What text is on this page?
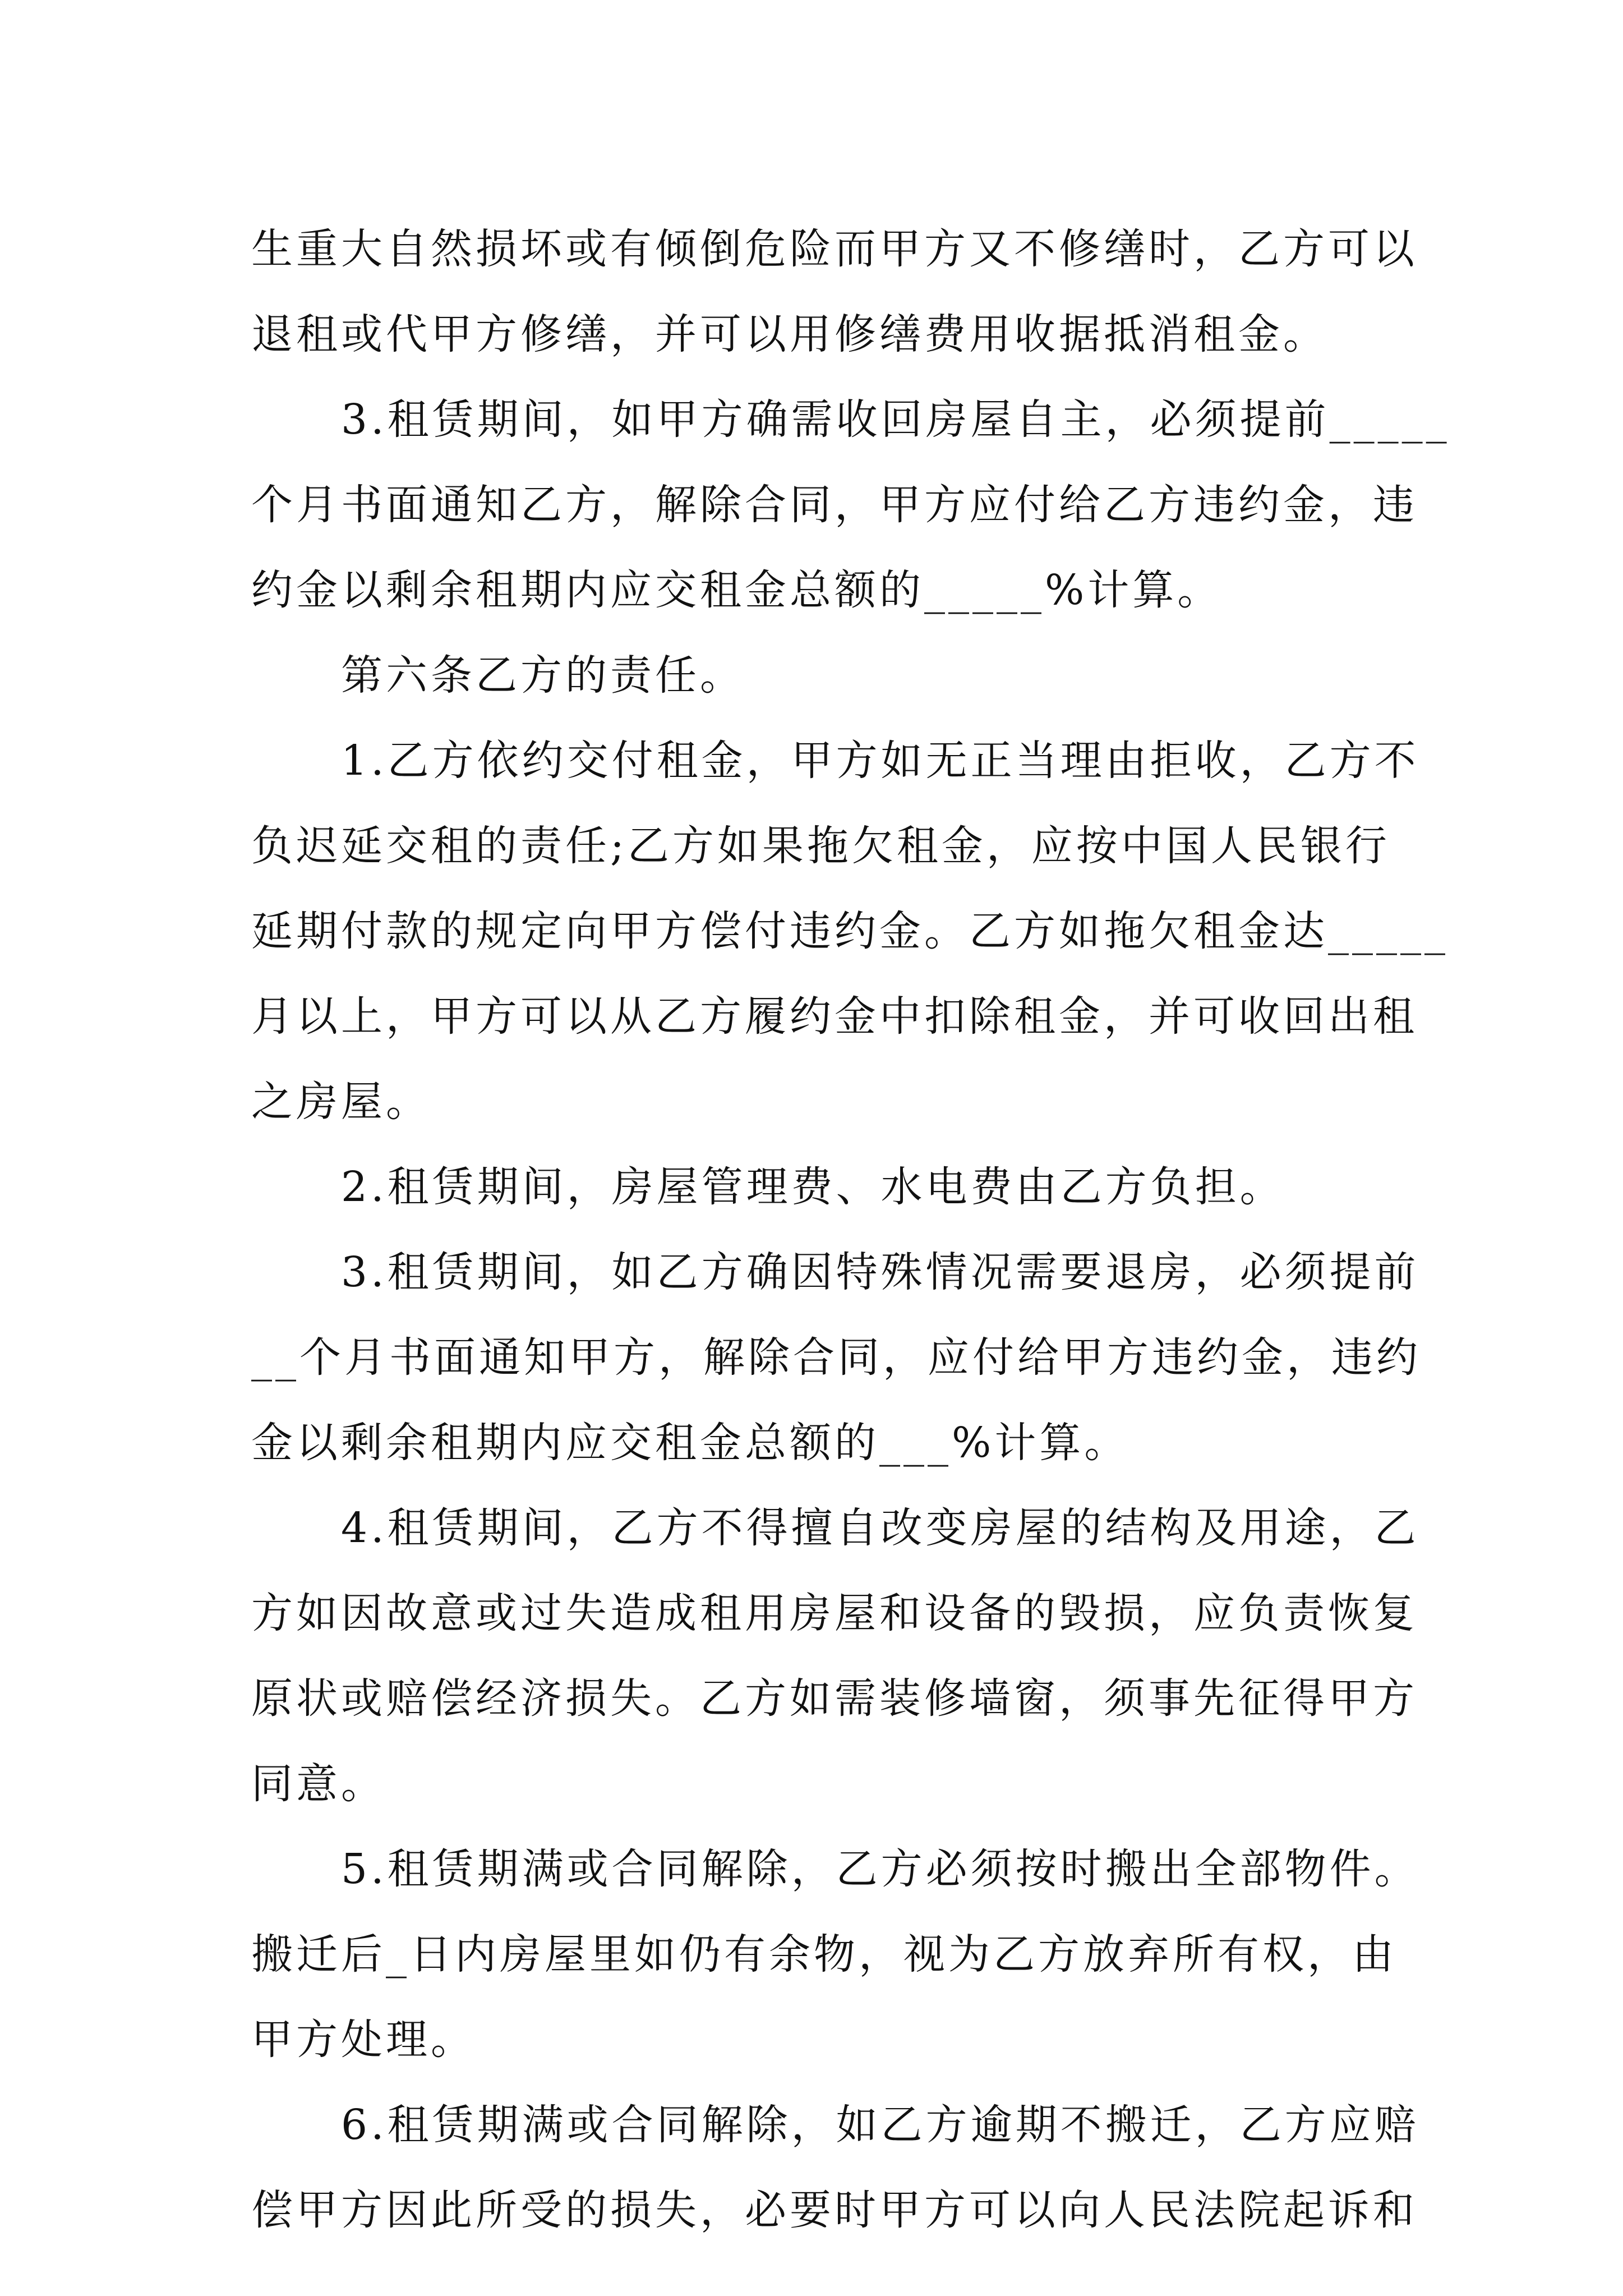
生重大自然损坏或有倾倒危险而甲方又不修缮时，乙方可以
退租或代甲方修缮，并可以用修缮费用收据抵消租金。
　　3.租赁期间，如甲方确需收回房屋自主，必须提前_____
个月书面通知乙方，解除合同，甲方应付给乙方违约金，违
约金以剩余租期内应交租金总额的_____%计算。
　　第六条乙方的责任。
　　1.乙方依约交付租金，甲方如无正当理由拒收，乙方不
负迟延交租的责任;乙方如果拖欠租金，应按中国人民银行
延期付款的规定向甲方偿付违约金。乙方如拖欠租金达_____
月以上，甲方可以从乙方履约金中扣除租金，并可收回出租
之房屋。
　　2.租赁期间，房屋管理费、水电费由乙方负担。
　　3.租赁期间，如乙方确因特殊情况需要退房，必须提前
__个月书面通知甲方，解除合同，应付给甲方违约金，违约
金以剩余租期内应交租金总额的___%计算。
　　4.租赁期间，乙方不得擅自改变房屋的结构及用途，乙
方如因故意或过失造成租用房屋和设备的毁损，应负责恢复
原状或赔偿经济损失。乙方如需装修墙窗，须事先征得甲方
同意。
　　5.租赁期满或合同解除，乙方必须按时搬出全部物件。
搬迁后_日内房屋里如仍有余物，视为乙方放弃所有权，由
甲方处理。
　　6.租赁期满或合同解除，如乙方逾期不搬迁，乙方应赔
偿甲方因此所受的损失，必要时甲方可以向人民法院起诉和
